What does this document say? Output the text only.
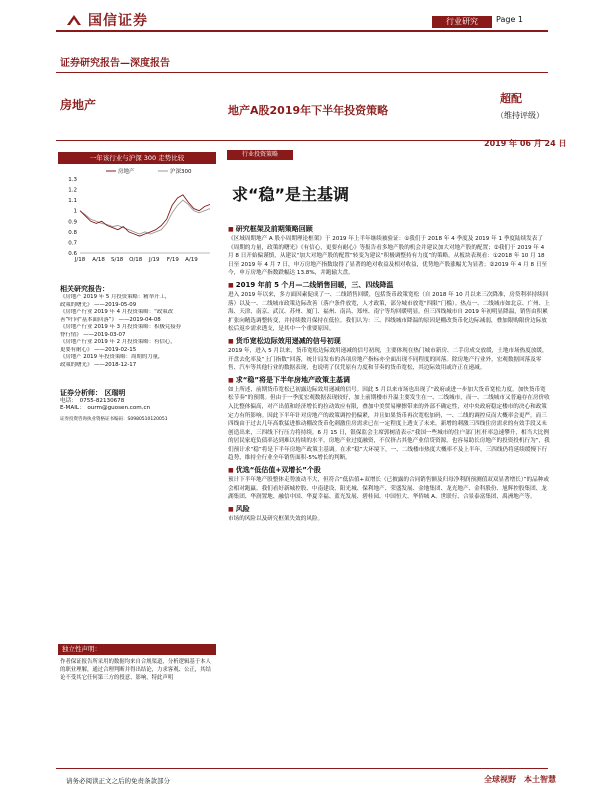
国信证券	行业研究	Page 1
证券研究报告—深度报告
房地产	地产A股2019年下半年投资策略
超配
（维持评级）
2019 年 06 月 24 日
一年该行业与沪深 300 走势比较
房地产	沪深300
1.3
1.2
1.1
1
0.9
0.8
0.7
0.6
J/18 A/18 S/18 O/18 J/19 F/19 A/19
相关研究报告：
《房地产 2019 年 5 月投资策略：精举开工，
政策的曙光》 ——2019-05-09
《房地产行业 2019 年 4 月投资策略：“政策改
善”叶向“基本面回落”》 ——2019-04-08
《房地产行业 2019 年 3 月投资策略：积极兑接券
脊行情》 ——2019-03-07
《房地产行业 2019 年 2 月投资策略：有信心，
更要有耐心》 ——2019-02-15
《房地产 2019 年投资策略：周期的力量，
政策的曙光》 ——2018-12-17
证券分析师： 区瑞明
电话：　0755-82130678
E-MAIL：　ourm@guosen.com.cn
证券投资咨询执业资格证书编码：S0980510120051
独立性声明：
作者保证报告所采用的数据均来自合规渠道，分析逻辑基于本人的职业理解，通过合理判断并得出结论，力求客观、公正，其结论不受其它任何第三方的授意、影响，特此声明
行业投资策略
求“稳”是主基调
■ 研究框架及前期策略回顾

《区域周期地产 A 股小周期理论框架》于 2019 年上半年继续被验证：①我们于 2018 年 4 季度及 2019 年 1 季度陆续发表了《周期的力量，政策的曙光》《有信心，更要有耐心》等报告看多地产股的机会并建议加大对地产股的配置；②我们于 2019 年 4 月 8 日开始偏谨慎，从建议“加大对地产股的配置”转变为建议“积极调整持有力度”的策略。从板块表现看：①2018 年 10 月 18 日至 2019 年 4 月 7 日，申万房地产指数取得了显著的绝对收益及相对收益，优势地产股涨幅尤为显著；②2019 年 4 月 8 日至今，申万房地产指数跌幅达 13.8%，并跑输大盘。

■ 2019 年前 5 个月—二线销售回暖，三、四线降温

进入 2019 年以来，多方面因素促成了一、二线销售回暖，包括货币政策宽松（自 2018 年 10 月以来三次降准，房贷利率持续回落）以及一、二线城市政策边际改善（落户条件放宽，人才政策，部分城市放宽“四限”门槛）。热点一、二线城市如北京、广州、上海、天津、南京、武汉、苏州、厦门、福州、南昌、郑州、南宁等均回暖明显。但三四线城市自 2019 年初明显降温，销售由积累扩张向精选调整转变，并持续数月保持在低位。我们认为：三、四线城市降温的原因是棚改货币化边际减弱，叠加限购限价边际放松后返乡需求透支，是其中一个重要原因。

■ 货币宽松边际效用递减的信号初现

2019 年，进入 5 月以来，货币宽松边际效用递减的信号初现，主要体现在热门城市新房、二手房成交放缓，土地市场热度放缓，开盘去化率及“上门指数”回落，统计局发布的各项房地产指标亦全面出现不同程度的回落。除房地产行业外，宏观数据回落及零售、汽车等其他行业的数据表现，也说明了仅凭原有力度和节奏的货币宽松，其边际效用或许正在递减。

■ 求“稳”将是下半年房地产政策主基调

如上所述，前期货币宽松已初露边际效用递减的信号。因此 5 月以来市场也出现了“政府或进一步加大货币宽松力度，加快货币宽松节奏”的预期。但由于一季度宏观数据表现较好，加上前期楼市升温主要发生在一、二线城市，而一、二线城市又普遍存在房价收入比整体偏高，对产出值和经济增长的拉动效应有限，叠加中美贸易摩擦带来的外部不确定性，对中央政府稳定楼市的决心和政策定力有所影响。因此下半年针对房地产的政策调控仍偏紧，并且如果货币再次宽松加码，一、二线的调控反而大概率会更严。而三四线由于过去几年高歌猛进推动棚改货币化刺激住房需求已在一定程度上透支了未来，新增的刺激三四线住房需求的有效手段又未创造出来，三四线下行压力将持续。6 月 15 日，银保监会主席郭树清表示“我国一些城市的住户部门杠杆率急速攀升，相当大比例的居民家庭负债率达到难以持续的水平，房地产业过度融资，不仅挤占其他产业信贷资源，也容易助长房地产的投资投机行为”，我们预计求“稳”将是下半年房地产政策主基调。在求“稳”大环境下，一、二线楼市热度大概率不及上半年，三四线仍将延续缓慢下行趋势，维持全行业全年销售面积-5%增长的判断。

■ 优选“低估值+双增长”个股

预计下半年地产股整体走势波动不大，但符合“低估值+双增长（已披露的合同销售额及归母净利润预测值双双显著增长）”的品种或会相对跑赢。我们看好新城控股、中南建设、阳光城、保利地产、荣盛发展、金地集团、龙光地产、金科股份、旭辉控股集团、龙湖集团、华润置地、融信中国、华夏幸福、蓝光发展、碧桂园、中国恒大、华侨城 A、世联行、合景泰富集团、禹洲地产等。

■ 风险

市场的风险以及研究框架失效的风险。

请务必阅读正文之后的免责条款部分	全球视野　本土智慧
